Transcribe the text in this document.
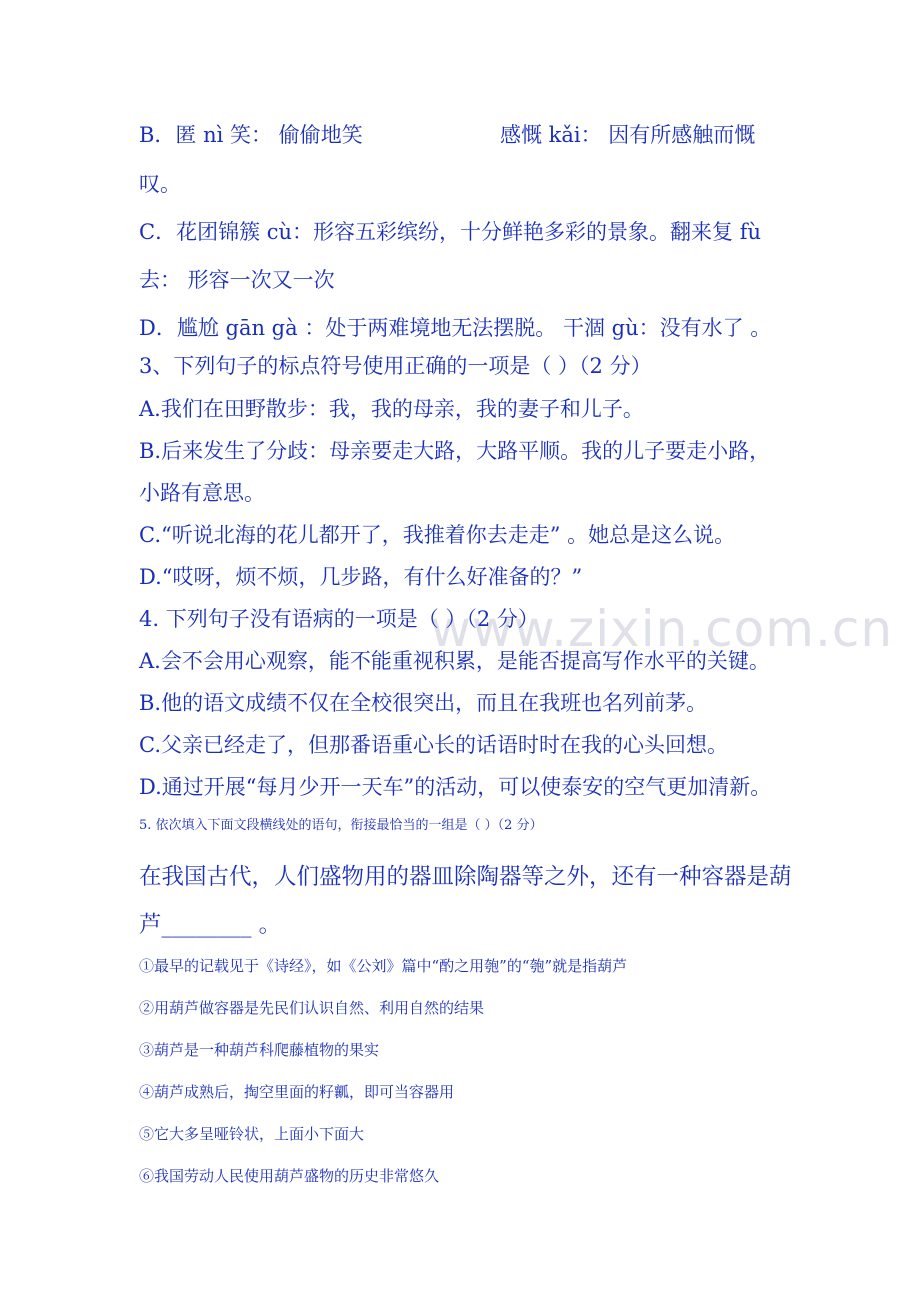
www.zixin.com.cn
B．匿 nì 笑： 偷偷地笑	感慨 kǎi： 因有所感触而慨
叹。
C．花团锦簇 cù：形容五彩缤纷，十分鲜艳多彩的景象。翻来复 fù
去： 形容一次又一次
D．尴尬 gān gà ：处于两难境地无法摆脱。 干涸 gù：没有水了 。
3、下列句子的标点符号使用正确的一项是（ ）（2 分）
A.我们在田野散步：我，我的母亲，我的妻子和儿子。
B.后来发生了分歧：母亲要走大路，大路平顺。我的儿子要走小路，
小路有意思。
C.“听说北海的花儿都开了，我推着你去走走” 。她总是这么说。
D.“哎呀，烦不烦，几步路，有什么好准备的？”
4. 下列句子没有语病的一项是（ ）（2 分）
A.会不会用心观察，能不能重视积累，是能否提高写作水平的关键。
B.他的语文成绩不仅在全校很突出，而且在我班也名列前茅。
C.父亲已经走了，但那番语重心长的话语时时在我的心头回想。
D.通过开展“每月少开一天车”的活动，可以使泰安的空气更加清新。
5. 依次填入下面文段横线处的语句，衔接最恰当的一组是（ ）（2 分）
在我国古代，人们盛物用的器皿除陶器等之外，还有一种容器是葫
芦________ 。
①最早的记载见于《诗经》，如《公刘》篇中“酌之用匏”的“匏”就是指葫芦
②用葫芦做容器是先民们认识自然、利用自然的结果
③葫芦是一种葫芦科爬藤植物的果实
④葫芦成熟后，掏空里面的籽瓤，即可当容器用
⑤它大多呈哑铃状，上面小下面大
⑥我国劳动人民使用葫芦盛物的历史非常悠久
